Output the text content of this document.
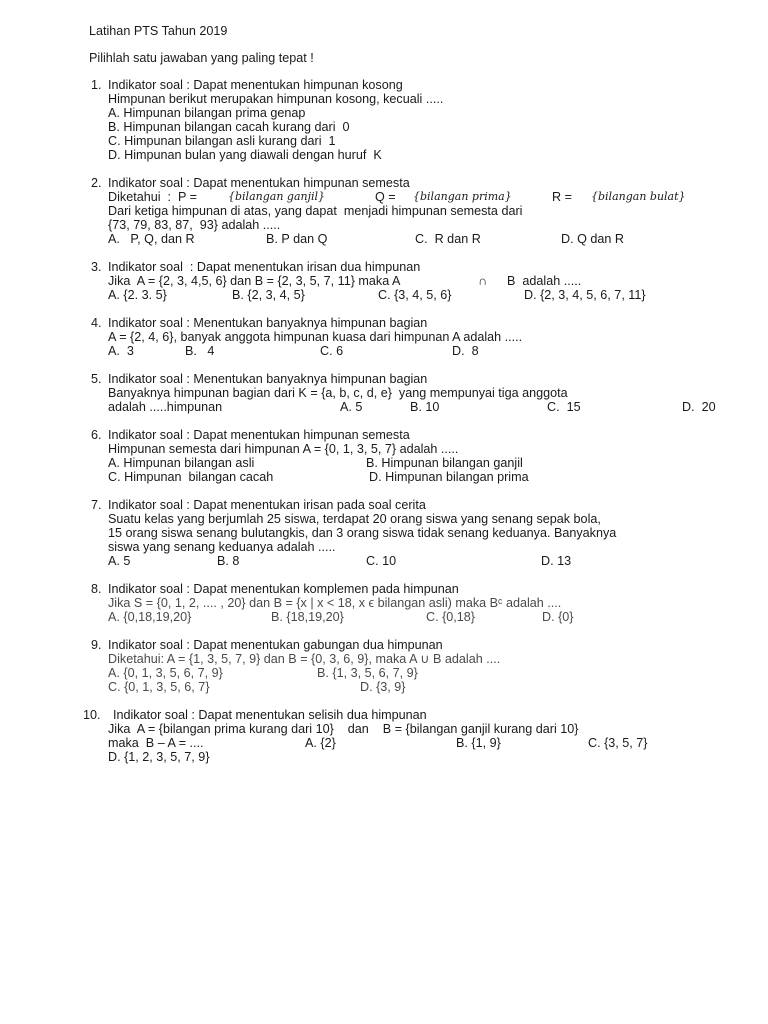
Latihan PTS Tahun 2019
Pilihlah satu jawaban yang paling tepat !
1. Indikator soal : Dapat menentukan himpunan kosong
Himpunan berikut merupakan himpunan kosong, kecuali .....
A. Himpunan bilangan prima genap
B. Himpunan bilangan cacah kurang dari  0
C. Himpunan bilangan asli kurang dari  1
D. Himpunan bulan yang diawali dengan huruf  K
2. Indikator soal : Dapat menentukan himpunan semesta
Diketahui  :  P =	{bilangan ganjil}	Q = {bilangan prima}	R = {bilangan bulat}
Dari ketiga himpunan di atas, yang dapat  menjadi himpunan semesta dari
{73, 79, 83, 87,  93} adalah .....
A.   P, Q, dan R	B. P dan Q	C.  R dan R	D. Q dan R
3. Indikator soal  : Dapat menentukan irisan dua himpunan
Jika  A = {2, 3, 4,5, 6} dan B = {2, 3, 5, 7, 11} maka A	∩ B  adalah .....
A. {2. 3. 5}	B. {2, 3, 4, 5}	C. {3, 4, 5, 6}	D. {2, 3, 4, 5, 6, 7, 11}
4. Indikator soal : Menentukan banyaknya himpunan bagian
A = {2, 4, 6}, banyak anggota himpunan kuasa dari himpunan A adalah .....
A.  3	B.   4	C. 6	D.  8
5. Indikator soal : Menentukan banyaknya himpunan bagian
Banyaknya himpunan bagian dari K = {a, b, c, d, e}  yang mempunyai tiga anggota
adalah .....himpunan	A. 5	B. 10	C.  15	D.  20
6. Indikator soal : Dapat menentukan himpunan semesta
Himpunan semesta dari himpunan A = {0, 1, 3, 5, 7} adalah .....
A. Himpunan bilangan asli	B. Himpunan bilangan ganjil
C. Himpunan  bilangan cacah	D. Himpunan bilangan prima
7. Indikator soal : Dapat menentukan irisan pada soal cerita
Suatu kelas yang berjumlah 25 siswa, terdapat 20 orang siswa yang senang sepak bola,
15 orang siswa senang bulutangkis, dan 3 orang siswa tidak senang keduanya. Banyaknya
siswa yang senang keduanya adalah .....
A. 5	B. 8	C. 10	D. 13
8. Indikator soal : Dapat menentukan komplemen pada himpunan
Jika S = {0, 1, 2, .... , 20} dan B = {x | x < 18, x ϵ bilangan asli) maka Bᶜ adalah ....
A. {0,18,19,20}	B. {18,19,20}	C. {0,18}	D. {0}
9. Indikator soal : Dapat menentukan gabungan dua himpunan
Diketahui: A = {1, 3, 5, 7, 9} dan B = {0, 3, 6, 9}, maka A ∪ B adalah ....
A. {0, 1, 3, 5, 6, 7, 9}	B. {1, 3, 5, 6, 7, 9}
C. {0, 1, 3, 5, 6, 7}	D. {3, 9}
10. Indikator soal : Dapat menentukan selisih dua himpunan
Jika  A = {bilangan prima kurang dari 10}    dan    B = {bilangan ganjil kurang dari 10}
maka  B – A = ....	A. {2}	B. {1, 9}	C. {3, 5, 7}
D. {1, 2, 3, 5, 7, 9}
